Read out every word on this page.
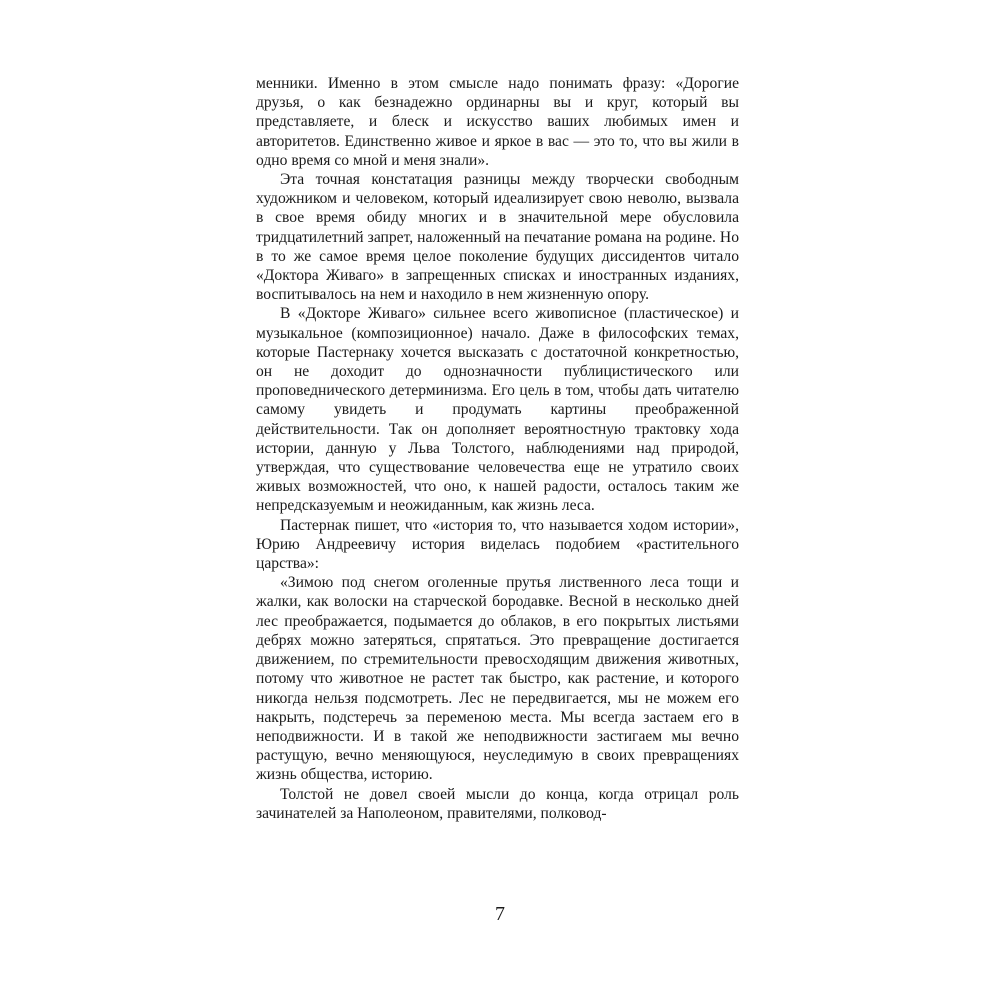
менники. Именно в этом смысле надо понимать фразу: «Дорогие друзья, о как безнадежно ординарны вы и круг, который вы представляете, и блеск и искусство ваших любимых имен и авторитетов. Единственно живое и яркое в вас — это то, что вы жили в одно время со мной и меня знали».

Эта точная констатация разницы между творчески свободным художником и человеком, который идеализирует свою неволю, вызвала в свое время обиду многих и в значительной мере обусловила тридцатилетний запрет, наложенный на печатание романа на родине. Но в то же самое время целое поколение будущих диссидентов читало «Доктора Живаго» в запрещенных списках и иностранных изданиях, воспитывалось на нем и находило в нем жизненную опору.

В «Докторе Живаго» сильнее всего живописное (пластическое) и музыкальное (композиционное) начало. Даже в философских темах, которые Пастернаку хочется высказать с достаточной конкретностью, он не доходит до однозначности публицистического или проповеднического детерминизма. Его цель в том, чтобы дать читателю самому увидеть и продумать картины преображенной действительности. Так он дополняет вероятностную трактовку хода истории, данную у Льва Толстого, наблюдениями над природой, утверждая, что существование человечества еще не утратило своих живых возможностей, что оно, к нашей радости, осталось таким же непредсказуемым и неожиданным, как жизнь леса.

Пастернак пишет, что «история то, что называется ходом истории», Юрию Андреевичу история виделась подобием «растительного царства»:

«Зимою под снегом оголенные прутья лиственного леса тощи и жалки, как волоски на старческой бородавке. Весной в несколько дней лес преображается, подымается до облаков, в его покрытых листьями дебрях можно затеряться, спрятаться. Это превращение достигается движением, по стремительности превосходящим движения животных, потому что животное не растет так быстро, как растение, и которого никогда нельзя подсмотреть. Лес не передвигается, мы не можем его накрыть, подстеречь за переменою места. Мы всегда застаем его в неподвижности. И в такой же неподвижности застигаем мы вечно растущую, вечно меняющуюся, неуследимую в своих превращениях жизнь общества, историю.

Толстой не довел своей мысли до конца, когда отрицал роль зачинателей за Наполеоном, правителями, полковод-

7
